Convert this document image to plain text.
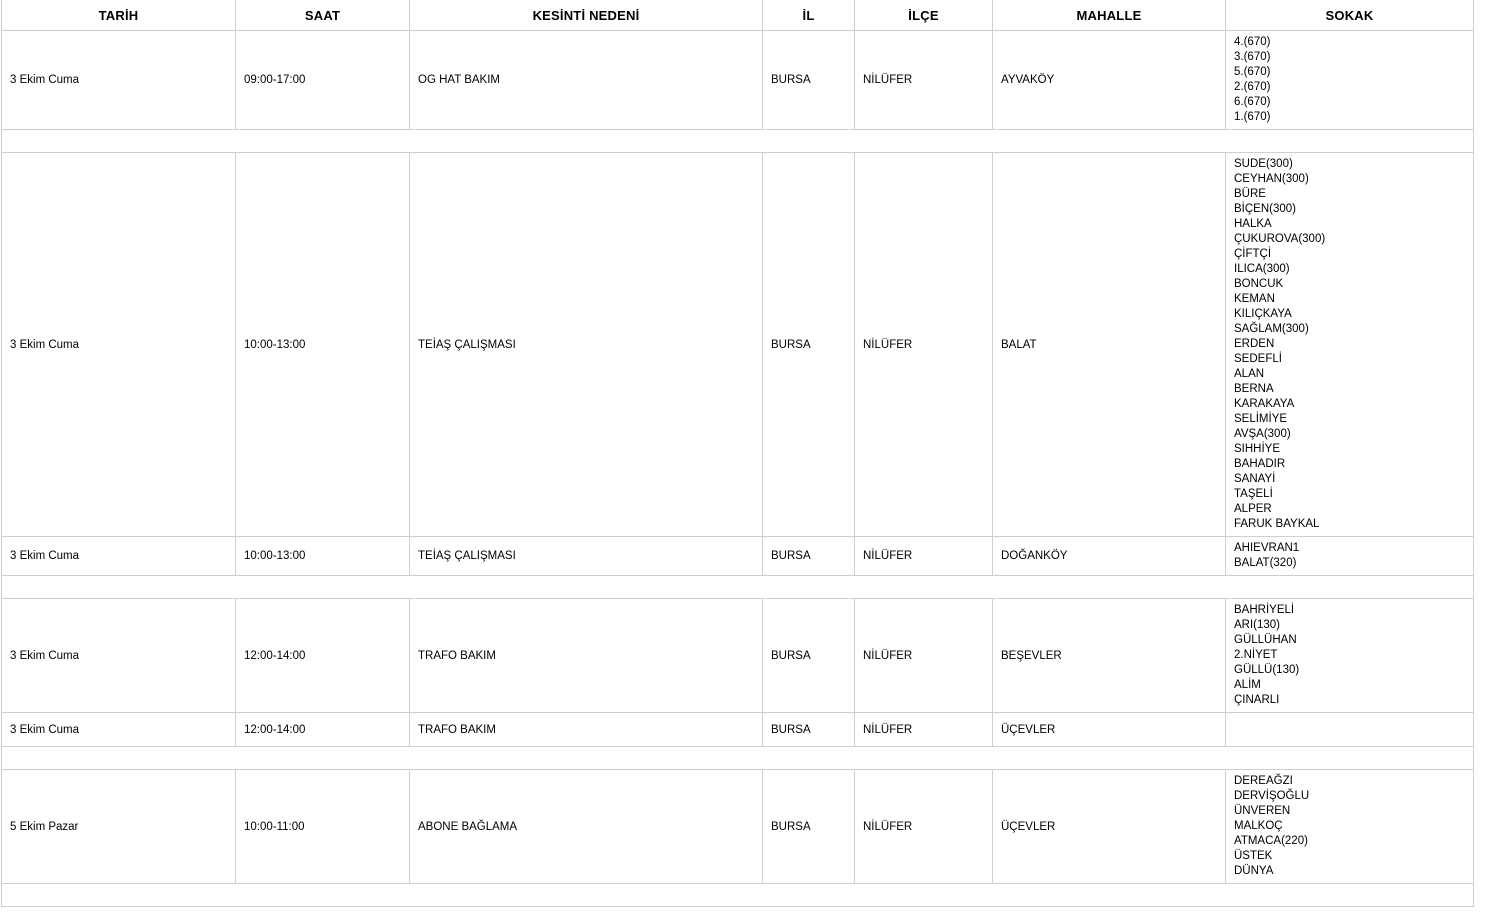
TARİH	SAAT	KESİNTİ NEDENİ	İL	İLÇE	MAHALLE	SOKAK
3 Ekim Cuma	09:00-17:00	OG HAT BAKIM	BURSA	NİLÜFER	AYVAKÖY	
4.(670)
3.(670)
5.(670)
2.(670)
6.(670)
1.(670)

3 Ekim Cuma	10:00-13:00	TEİAŞ ÇALIŞMASI	BURSA	NİLÜFER	BALAT	
SUDE(300)
CEYHAN(300)
BÜRE
BİÇEN(300)
HALKA
ÇUKUROVA(300)
ÇİFTÇİ
ILICA(300)
BONCUK
KEMAN
KILIÇKAYA
SAĞLAM(300)
ERDEN
SEDEFLİ
ALAN
BERNA
KARAKAYA
SELİMİYE
AVŞA(300)
SIHHİYE
BAHADIR
SANAYİ
TAŞELİ
ALPER
FARUK BAYKAL

3 Ekim Cuma	10:00-13:00	TEİAŞ ÇALIŞMASI	BURSA	NİLÜFER	DOĞANKÖY	AHIEVRAN1
BALAT(320)

3 Ekim Cuma	12:00-14:00	TRAFO BAKIM	BURSA	NİLÜFER	BEŞEVLER	
BAHRİYELİ
ARI(130)
GÜLLÜHAN
2.NİYET
GÜLLÜ(130)
ALİM
ÇINARLI

3 Ekim Cuma	12:00-14:00	TRAFO BAKIM	BURSA	NİLÜFER	ÜÇEVLER	

5 Ekim Pazar	10:00-11:00	ABONE BAĞLAMA	BURSA	NİLÜFER	ÜÇEVLER	
DEREAĞZI
DERVİŞOĞLU
ÜNVEREN
MALKOÇ
ATMACA(220)
ÜSTEK
DÜNYA
